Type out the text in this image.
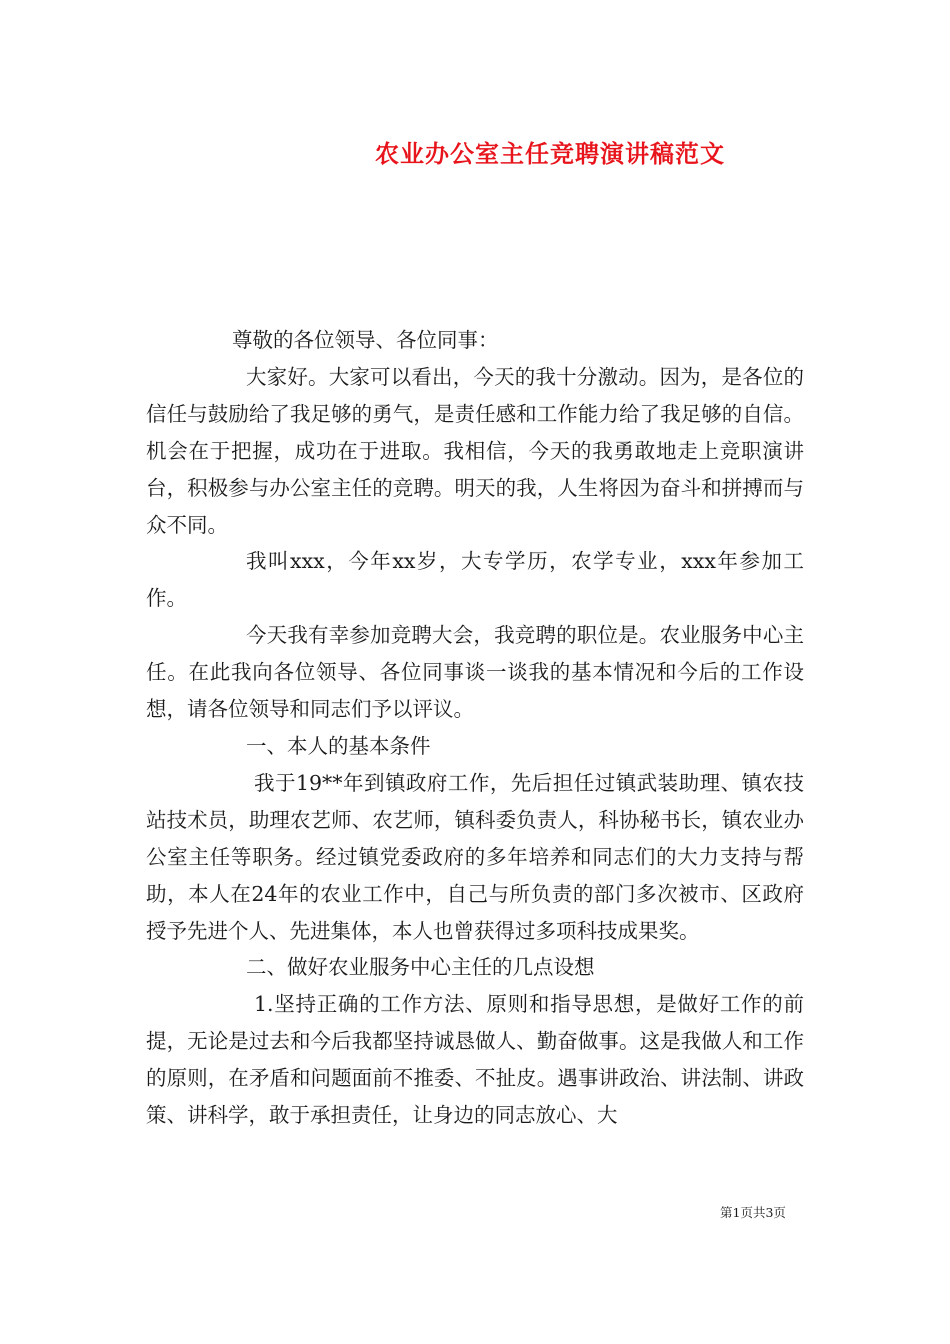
农业办公室主任竞聘演讲稿范文

尊敬的各位领导、各位同事：

大家好。大家可以看出，今天的我十分激动。因为，是各位的信任与鼓励给了我足够的勇气，是责任感和工作能力给了我足够的自信。机会在于把握，成功在于进取。我相信，今天的我勇敢地走上竞职演讲台，积极参与办公室主任的竞聘。明天的我，人生将因为奋斗和拼搏而与众不同。

我叫xxx，今年xx岁，大专学历，农学专业，xxx年参加工作。

今天我有幸参加竞聘大会，我竞聘的职位是。农业服务中心主任。在此我向各位领导、各位同事谈一谈我的基本情况和今后的工作设想，请各位领导和同志们予以评议。

一、本人的基本条件

我于19**年到镇政府工作，先后担任过镇武装助理、镇农技站技术员，助理农艺师、农艺师，镇科委负责人，科协秘书长，镇农业办公室主任等职务。经过镇党委政府的多年培养和同志们的大力支持与帮助，本人在24年的农业工作中，自己与所负责的部门多次被市、区政府授予先进个人、先进集体，本人也曾获得过多项科技成果奖。

二、做好农业服务中心主任的几点设想

1.坚持正确的工作方法、原则和指导思想，是做好工作的前提，无论是过去和今后我都坚持诚恳做人、勤奋做事。这是我做人和工作的原则，在矛盾和问题面前不推委、不扯皮。遇事讲政治、讲法制、讲政策、讲科学，敢于承担责任，让身边的同志放心、大

第1页共3页
